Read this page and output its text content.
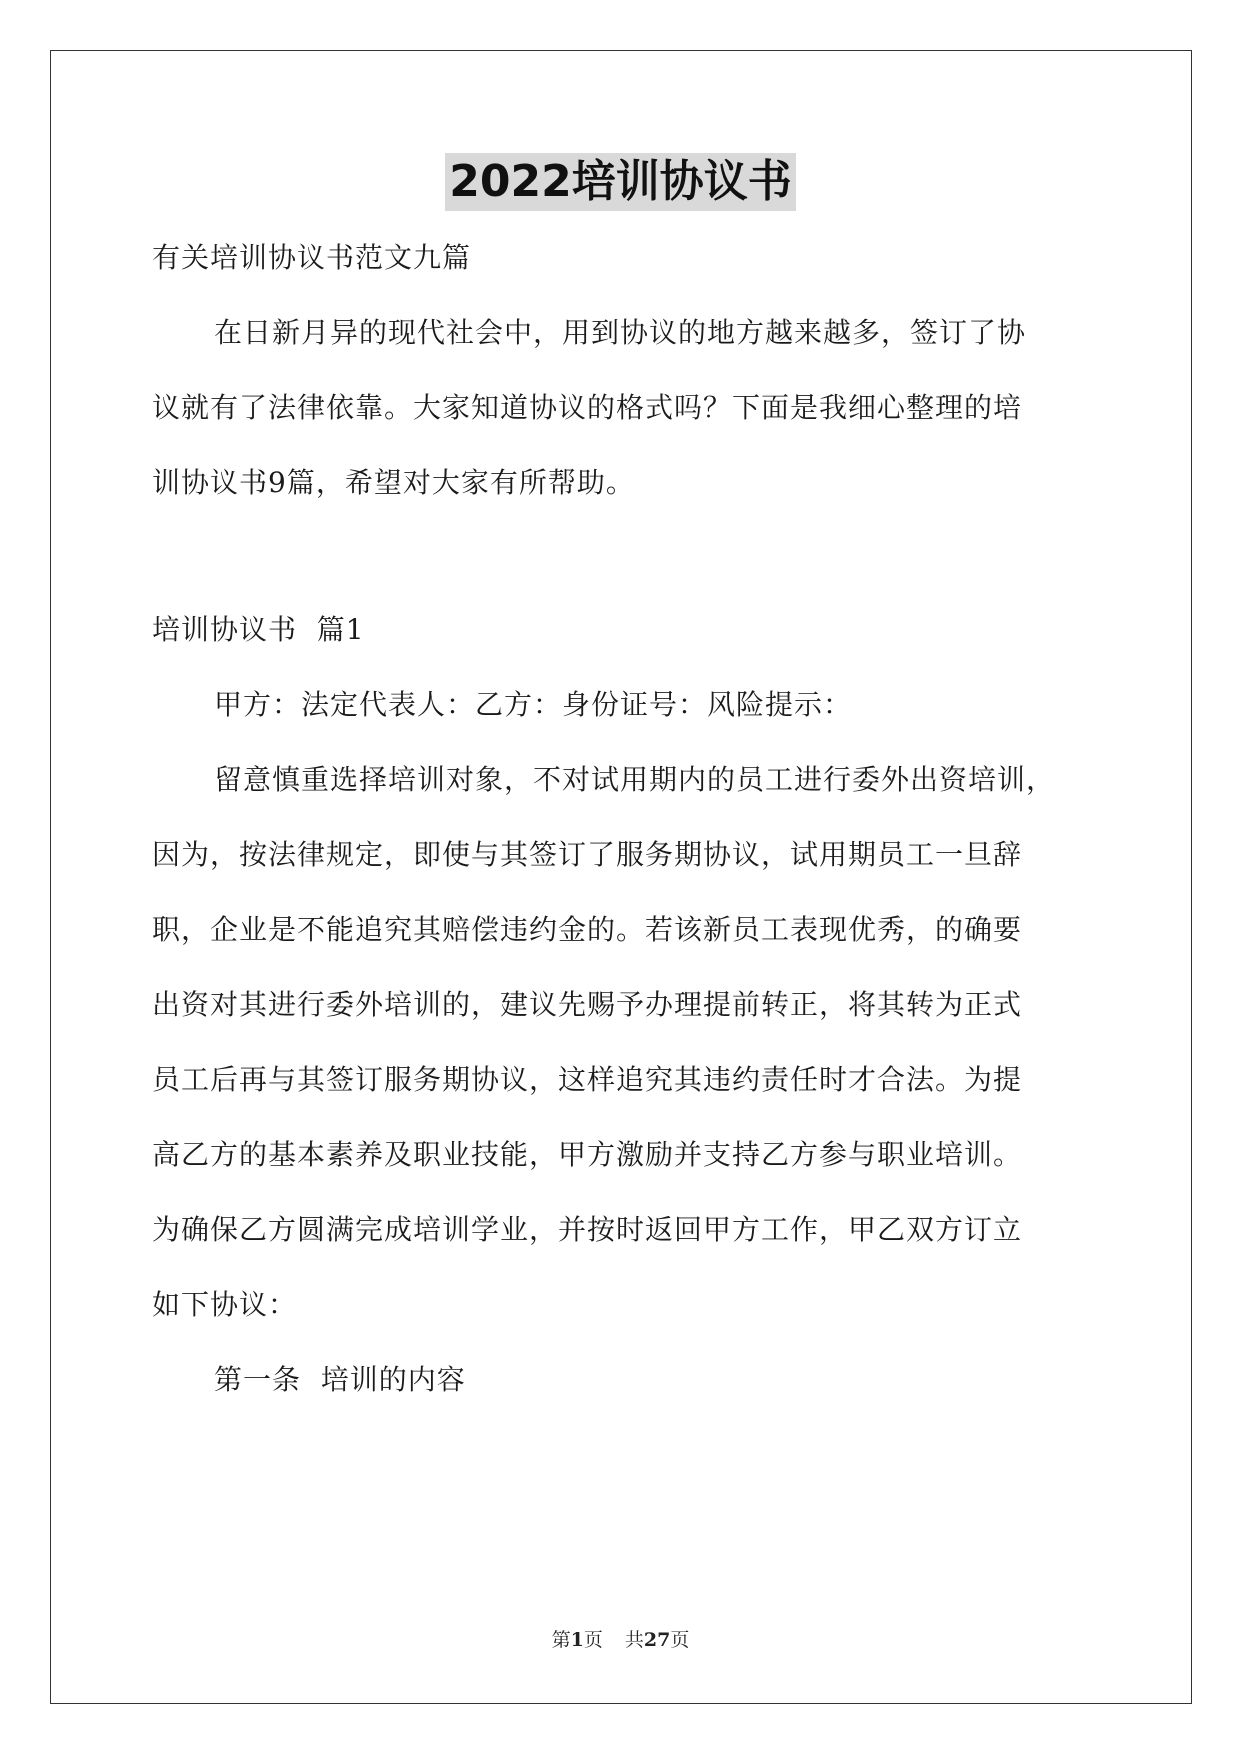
2022培训协议书
有关培训协议书范文九篇
在日新月异的现代社会中，用到协议的地方越来越多，签订了协
议就有了法律依靠。大家知道协议的格式吗？下面是我细心整理的培
训协议书9篇，希望对大家有所帮助。
培训协议书  篇1
甲方：法定代表人：乙方：身份证号：风险提示：
留意慎重选择培训对象，不对试用期内的员工进行委外出资培训，
因为，按法律规定，即使与其签订了服务期协议，试用期员工一旦辞
职，企业是不能追究其赔偿违约金的。若该新员工表现优秀，的确要
出资对其进行委外培训的，建议先赐予办理提前转正，将其转为正式
员工后再与其签订服务期协议，这样追究其违约责任时才合法。为提
高乙方的基本素养及职业技能，甲方激励并支持乙方参与职业培训。
为确保乙方圆满完成培训学业，并按时返回甲方工作，甲乙双方订立
如下协议：
第一条  培训的内容
第1页 共27页
